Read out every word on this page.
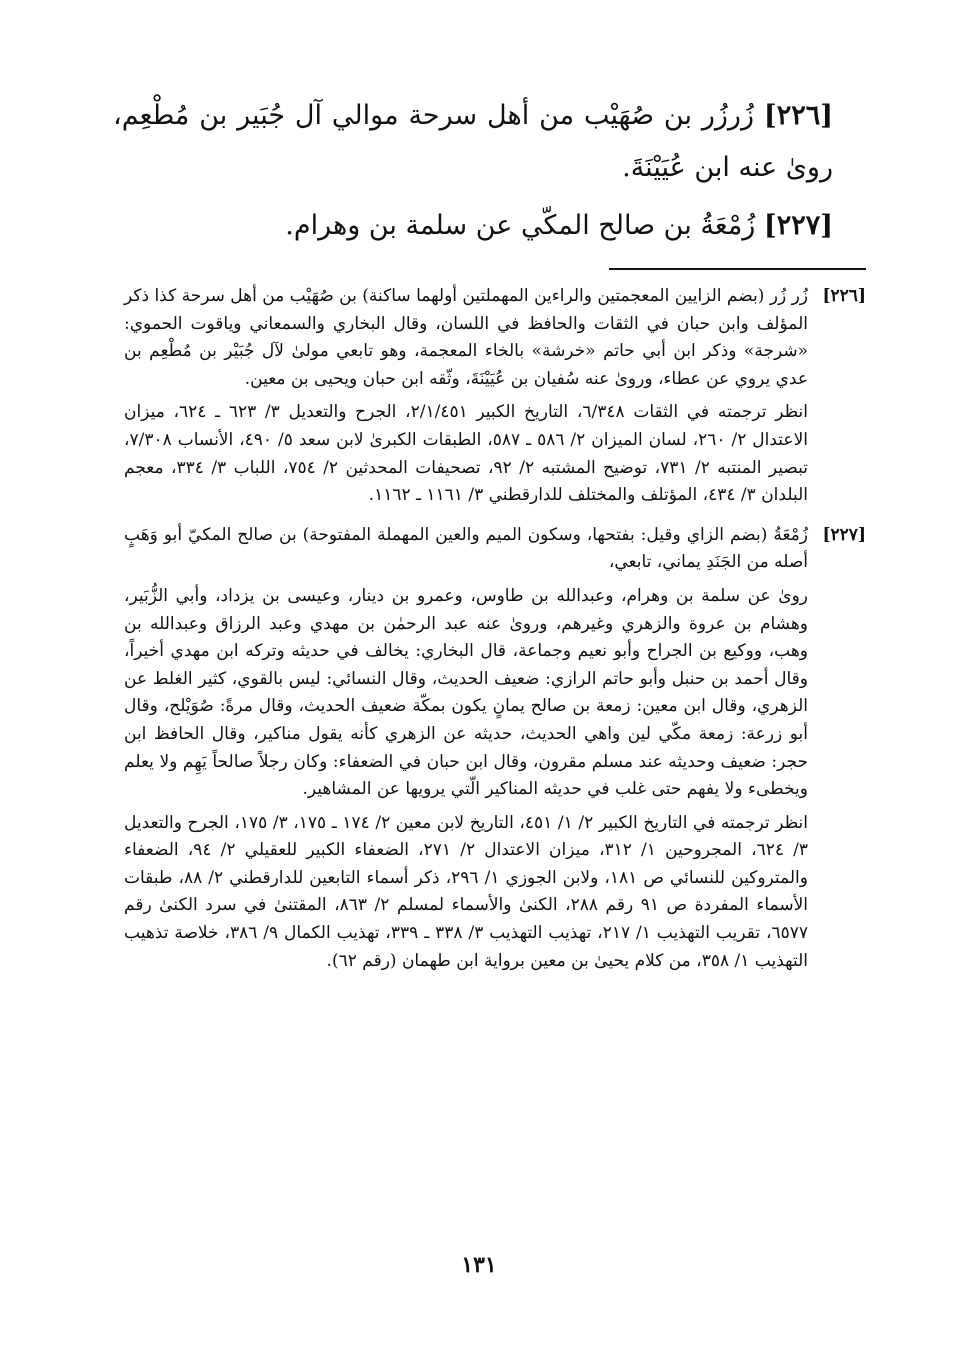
[٢٢٦] زُرزُر بن صُهَيْب من أهل سرحة موالي آل جُبَير بن مُطْعِم، روىٰ عنه ابن عُيَيْنَةَ.

[٢٢٧] زُمْعَةُ بن صالح المكّي عن سلمة بن وهرام.

[٢٢٦]

زُر زُر (بضم الزايين المعجمتين والراءين المهملتين أولهما ساكنة) بن صُهَيْب من أهل سرحة كذا ذكر المؤلف وابن حبان في الثقات والحافظ في اللسان، وقال البخاري والسمعاني وياقوت الحموي: «شرجة» وذكر ابن أبي حاتم «خرشة» بالخاء المعجمة، وهو تابعي مولىٰ لآل جُبَيْر بن مُطْعِم بن عدي يروي عن عطاء، وروىٰ عنه سُفيان بن عُيَيْنَةَ، وثّقه ابن حبان ويحيى بن معين.

انظر ترجمته في الثقات ٦/٣٤٨، التاريخ الكبير ٢/١/٤٥١، الجرح والتعديل ٣/ ٦٢٣ ـ ٦٢٤، ميزان الاعتدال ٢/ ٢٦٠، لسان الميزان ٢/ ٥٨٦ ـ ٥٨٧، الطبقات الكبرىٰ لابن سعد ٥/ ٤٩٠، الأنساب ٧/٣٠٨، تبصير المنتبه ٢/ ٧٣١، توضيح المشتبه ٢/ ٩٢، تصحيفات المحدثين ٢/ ٧٥٤، اللباب ٣/ ٣٣٤، معجم البلدان ٣/ ٤٣٤، المؤتلف والمختلف للدارقطني ٣/ ١١٦١ ـ ١١٦٢.

[٢٢٧]

زُمْعَةُ (بضم الزاي وقيل: بفتحها، وسكون الميم والعين المهملة المفتوحة) بن صالح المكيّ أبو وَهَبٍ أصله من الجَنَدِ يماني، تابعي،

روىٰ عن سلمة بن وهرام، وعبدالله بن طاوس، وعمرو بن دينار، وعيسى بن يزداد، وأبي الزُّبَير، وهشام بن عروة والزهري وغيرهم، وروىٰ عنه عبد الرحمٰن بن مهدي وعبد الرزاق وعبدالله بن وهب، ووكيع بن الجراح وأبو نعيم وجماعة، قال البخاري: يخالف في حديثه وتركه ابن مهدي أخيراً، وقال أحمد بن حنبل وأبو حاتم الرازي: ضعيف الحديث، وقال النسائي: ليس بالقوي، كثير الغلط عن الزهري، وقال ابن معين: زمعة بن صالح يمانٍ يكون بمكّة ضعيف الحديث، وقال مرةً: صُوَيْلح، وقال أبو زرعة: زمعة مكّي لين واهي الحديث، حديثه عن الزهري كأنه يقول مناكير، وقال الحافظ ابن حجر: ضعيف وحديثه عند مسلم مقرون، وقال ابن حبان في الضعفاء: وكان رجلاً صالحاً يَهِم ولا يعلم ويخطىء ولا يفهم حتى غلب في حديثه المناكير الّتي يرويها عن المشاهير.

انظر ترجمته في التاريخ الكبير ٢/ ١/ ٤٥١، التاريخ لابن معين ٢/ ١٧٤ ـ ١٧٥، ٣/ ١٧٥، الجرح والتعديل ٣/ ٦٢٤، المجروحين ١/ ٣١٢، ميزان الاعتدال ٢/ ٢٧١، الضعفاء الكبير للعقيلي ٢/ ٩٤، الضعفاء والمتروكين للنسائي ص ١٨١، ولابن الجوزي ١/ ٢٩٦، ذكر أسماء التابعين للدارقطني ٢/ ٨٨، طبقات الأسماء المفردة ص ٩١ رقم ٢٨٨، الكنىٰ والأسماء لمسلم ٢/ ٨٦٣، المقتنىٰ في سرد الكنىٰ رقم ٦٥٧٧، تقريب التهذيب ١/ ٢١٧، تهذيب التهذيب ٣/ ٣٣٨ ـ ٣٣٩، تهذيب الكمال ٩/ ٣٨٦، خلاصة تذهيب التهذيب ١/ ٣٥٨، من كلام يحيىٰ بن معين برواية ابن طهمان (رقم ٦٢).

١٣١
